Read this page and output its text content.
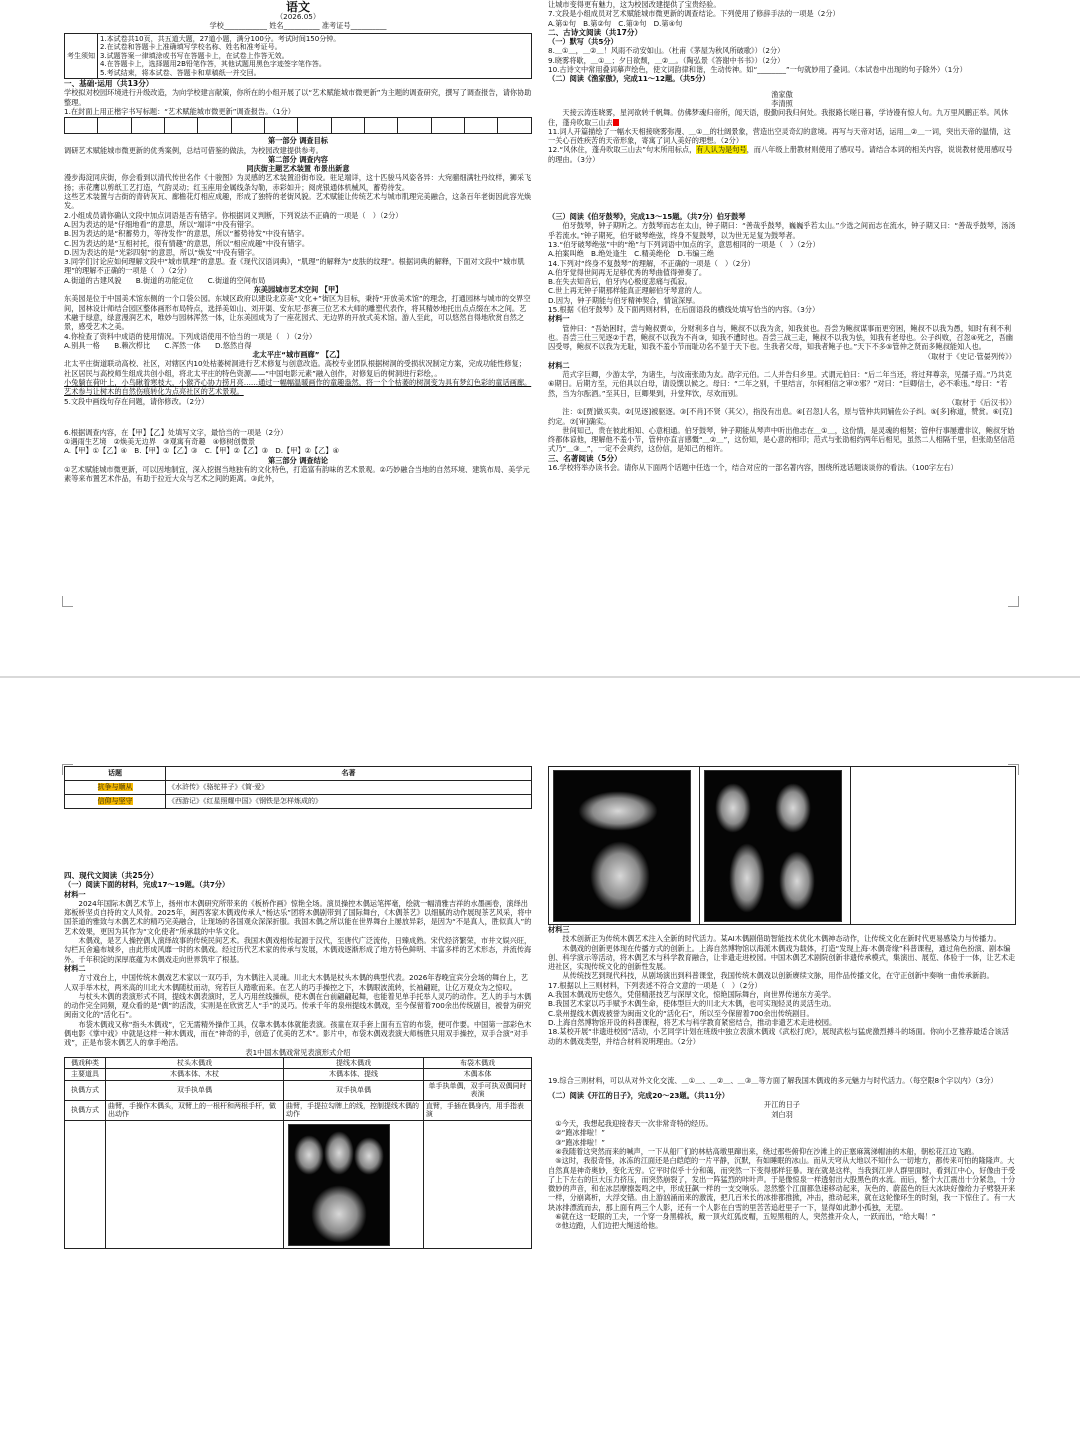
语文

（2026.05）

学校____________ 姓名__________ 准考证号__________

考生须知	

1.本试卷共10页，共五道大题，27道小题，满分100分。考试时间150分钟。

2.在试卷和答题卡上准确填写学校名称、姓名和准考证号。

3.试题答案一律填涂或书写在答题卡上，在试卷上作答无效。

4.在答题卡上，选择题用2B铅笔作答，其他试题用黑色字迹签字笔作答。

5.考试结束，将本试卷、答题卡和草稿纸一并交回。

一、基础·运用（共13分）

学校拟对校园环境进行升级改造，为向学校建言献策，你所在的小组开展了以“艺术赋能城市微更新”为主题的调查研究，撰写了调查报告，请你协助整理。

1.在封面上用正楷字书写标题：“艺术赋能城市微更新”调查报告。（1分）

第一部分 调查目标

调研艺术赋能城市微更新的优秀案例，总结可借鉴的做法，为校园改建提供参考。

第二部分 调查内容

同庆街主题艺术装置 布景出新意

漫步海淀同庆街，你会看到以清代传世名作《十骏图》为灵感的艺术装置沿街布设。驻足端详，这十匹骏马风姿各异：大宛骝细满牡丹纹样，狮采飞扬；赤花鹰以剪纸工艺打造，气韵灵动；红玉座用金属线条勾勒，赤彩如升；阅虎银通体机械风，蓄势待发。

这些艺术装置与古街的青砖灰瓦、廊檐花灯相应成趣，形成了独特的老街风貌。艺术赋能让传统艺术与城市肌理完美融合，这条百年老街因此容光焕发。

2.小组成员请你确认文段中加点词语是否有错字。你根据词义判断，下列说法不正确的一项是（　）（2分）

A.因为表达的是“仔细地看”的意思，所以“端详”中没有错字。

B.因为表达的是“积蓄势力，等待发作”的意思，所以“蓄势待发”中没有错字。

C.因为表达的是“互相衬托，很有情趣”的意思，所以“相应成趣”中没有错字。

D.因为表达的是“光彩四射”的意思，所以“焕发”中没有错字。

3.同学们讨论应如何理解文段中“城市肌理”的意思。查《现代汉语词典》，“肌理”的解释为“皮肤的纹理”。根据词典的解释，下面对文段中“城市肌理”的理解不正确的一项是（　）（2分）

A.街道的古建风貌　　B.街道的功能定位　　C.街道的空间布局

东美园城市艺术空间 【甲】

东美园是位于中国美术馆东侧的一个口袋公园。东城区政府以建设北京美“文化+”街区为目标，秉持“开放美术馆”的理念，打通园林与城市的交界空间，园林设计师结合园区整体画形布局特点，选择美如山、刘开渠、安东尼·彭赛三位艺术大师的雕塑代表作，将其精妙地托出点点缀在木之间。艺术融于绿意，绿意漫润艺术，唯妙与园林浑然一体，让东美园成为了一座花园式、无边界的开放式美术馆。游人至此，可以悠然自得地欣赏自然之景，感受艺术之美。

4.你检查了资料中成语的使用情况。下列成语使用不恰当的一项是（　）（2分）

A.别具一格　　B.赖次栉比　　C.浑然一体　　D.悠然自得

北太平庄“城市画廊” 【乙】

北太平庄街道联动高校、社区，对辖区内10处枯萎树洞进行艺术修复与创意改造。高校专业团队根据树洞的受损状况制定方案，完成功能性修复；社区居民与高校师生组成共创小组，将北太平庄的特色资源——“中国电影元素”融入创作，对修复后的树洞进行彩绘，。

小兔躺在荷叶上，小鸟瞅着寒枝大，小猴齐心协力捞月亮……通过一幅幅温暖画作的童趣盎然，将一个个枯萎的树洞变为具有梦幻色彩的童话画廊。艺术参与让树木的自然伤痕转化为点亮社区的艺术景观。

5.文段中画线句存在问题，请你修改。（2分）

6.根据调查内容，在【甲】【乙】处填写文字，最恰当的一项是（2分）

①遇雨生艺境　②焕美无边界　③观寓有奇趣　④修树创微景

A.【甲】①【乙】④　B.【甲】①【乙】③　C.【甲】②【乙】③　D.【甲】②【乙】④

第三部分 调查结论

①艺术赋能城市微更新，可以因地制宜，深入挖掘当地独有的文化特色，打造富有韵味的艺术景观。②巧妙融合当地的自然环境、建筑布局、美学元素等来布置艺术作品，有助于拉近大众与艺术之间的距离。③此外，

让城市变得更有魅力，这为校园改建提供了宝贵经验。

7.文段是小组成员对艺术赋能城市微更新的调查结论。下列使用了修辞手法的一项是（2分）

A.第①句　B.第②句　C.第③句　D.第④句

二、古诗文阅读（共17分）

（一）默写（共5分）

8.＿①＿，＿②＿！风雨不动安如山。（杜甫《茅屋为秋风所破歌》）（2分）

9.晓雾将歇，＿①＿；夕日欲颓，＿②＿。（陶弘景《答谢中书书》）（2分）

10.古诗文中常用叠词摹声绘色，使文词韵律和谐，生动传神。如“________”一句就妙用了叠词。（本试卷中出现的句子除外）（1分）

（二）阅读《渔家傲》，完成11～12题。（共5分）

渔家傲

李清照

天接云涛连晓雾，星河欲转千帆舞。仿佛梦魂归帝所，闻天语，殷勤问我归何处。我报路长嗟日暮，学诗谩有惊人句。九万里风鹏正举。风休住，蓬舟吹取三山去

11.词人开篇描绘了一幅水天相接晓雾弥漫、＿①＿的壮阔景象，营造出空灵奇幻的意境。再写与天帝对话，运用＿②＿一词，突出天帝的温情，这一关心百姓疾苦的天帝形象，寄寓了词人美好的理想。（2分）

12.“风休住，蓬舟吹取三山去”句末所用标点，有人认为是句号，而八年级上册教材则使用了感叹号。请结合本词的相关内容，说说教材使用感叹号的理由。（3分）

（三）阅读《伯牙鼓琴》，完成13～15题。（共7分）伯牙鼓琴

伯牙鼓琴，钟子期听之。方鼓琴而志在太山，钟子期曰：“善哉乎鼓琴，巍巍乎若太山。”少选之间而志在流水，钟子期又曰：“善哉乎鼓琴，汤汤乎若流水。”钟子期死，伯牙破琴绝弦，终身不复鼓琴，以为世无足复为鼓琴者。

13.“伯牙破琴绝弦”中的“绝”与下列词语中加点的字，意思相同的一项是（　）（2分）

A.拍案叫绝　B.绝处逢生　C.精美绝伦　D.韦编三绝

14.下列对“终身不复鼓琴”的理解，不正确的一项是（　）（2分）

A.伯牙觉得世间再无足够优秀的琴曲值得弹奏了。

B.在失去知音后，伯牙内心极度悲痛与孤寂。

C.世上再无钟子期那样能真正理解伯牙琴意的人。

D.因为，钟子期能与伯牙精神契合，情谊深厚。

15.根据《伯牙鼓琴》及下面两则材料，在后面语段的横线处填写恰当的内容。（3分）

材料一

管仲曰：“吾始困时，尝与鲍叔贾①，分财利多自与，鲍叔不以我为贪，知我贫也。吾尝为鲍叔谋事而更穷困，鲍叔不以我为愚，知时有利不利也。吾尝三仕三见逐②于君，鲍叔不以我为不肖③，知我不遭时也。吾尝三战三走，鲍叔不以我为怯，知我有老母也。公子纠败，召忽④死之，吾幽囚受辱，鲍叔不以我为无耻，知我不羞小节而耻功名不显于天下也。生我者父母，知我者鲍子也。”天下不多⑤管仲之贤而多鲍叔能知人也。

（取材于《史记·管晏列传》）

材料二

范式字巨卿，少游太学，为诸生，与汝南张劭为友。劭字元伯。二人并告归乡里。式谓元伯曰：“后二年当还，将过拜尊亲，见孺子焉。”乃共克⑥期日。后期方至，元伯具以白母，请设馔以候之。母曰：“二年之别，千里结言，尔何相信之审⑦邪？”对曰：“巨卿信士，必不乖违。”母曰：“若然，当为尔酝酒。”至其日，巨卿果到，升堂拜饮，尽欢而别。

（取材于《后汉书》）

注：①[贾]做买卖。②[见逐]被驱逐。③[不肖]不贤（其父），指没有出息。④[召忽]人名，原与管仲共同辅佐公子纠。⑤[多]称道，赞赏。⑥[克]约定。⑦[审]确实。

世间知己，贵在彼此相知、心意相通。伯牙鼓琴，钟子期能从琴声中听出他志在＿①＿，这份情，是灵魂的相契；管仲行事屡遭非议，鲍叔牙始终都体谅他，理解他不羞小节，管仲亦直言感慨“＿②＿”，这份知，是心意的相印；范式与张劭相约两年后相见，虽然二人相隔千里，但张劭坚信范式乃“＿③＿”，一定不会爽约，这份信，是知己的相许。

三、名著阅读（5分）

16.学校将举办读书会。请你从下面两个话题中任选一个，结合对应的一部名著内容，围绕所选话题谈谈你的看法。（100字左右）

话题	名著
抗争与顺从	《水浒传》《骆驼祥子》《简·爱》
信仰与坚守	《西游记》《红星照耀中国》《钢铁是怎样炼成的》

四、现代文阅读（共25分）

（一）阅读下面的材料，完成17～19题。（共7分）

材料一

2024年国际木偶艺术节上，扬州市木偶研究所带来的《板桥作画》惊艳全场。演员操控木偶运笔挥毫，绘就一幅清雅吉祥的水墨画卷，演绎出郑板桥坚贞自持的文人风骨。2025年，闽西客家木偶戏传承人“杨达乐”团将木偶剧带到了国际舞台，《木偶茶艺》以细腻的动作展现茶艺风采，将中国茶道的雅致与木偶艺术的精巧完美融合，让现场的各国观众深深折服。我国木偶之所以能在世界舞台上屡放异彩，是因为“不是真人，胜似真人”的艺术效果，更因为其作为“文化使者”所承载的中华文化。

木偶戏，是艺人操控偶人演绎故事的传统民间艺术。我国木偶戏相传起源于汉代，至唐代广泛流传，日臻成熟。宋代经济繁荣，市井文娱兴旺，勾栏瓦舍遍布城乡，由此形成风靡一时的木偶戏。经过历代艺术家的传承与发展，木偶戏逐渐形成了地方特色鲜明、丰富多样的艺术形态，并流传海外。千年积淀的深厚底蕴为木偶戏走向世界筑牢了根基。

材料二

方寸戏台上，中国传统木偶戏艺术家以一双巧手，为木偶注入灵魂。川北大木偶是杖头木偶的典型代表。2026年春晚宜宾分会场的舞台上，艺人双手举木杖，两米高的川北大木偶随杖而动，宛若巨人踏歌而来。在艺人的巧手操控之下，木偶眼波流转，长袖翩跹，让亿万观众为之惊叹。

与杖头木偶的表演形式不同，提线木偶表演时，艺人巧用丝线操纵，使木偶在台前翩翩起舞，也能着见单手托举人灵巧的动作。艺人的手与木偶的动作完全同频，观众看的是“偶”的活泼，实则是在欣赏艺人“手”的灵巧。传承千年的泉州提线木偶戏，至今保留着700余出传统剧目，被誉为研究闽南文化的“活化石”。

布袋木偶戏又称“指头木偶戏”，它无需精外操作工具，仅靠木偶本体就能表演。孩童在双手套上面有五官的布袋，便可作要。中国第一部彩色木偶电影《掌中戏》中就是这样一种木偶戏，而在“神奇的手，创造了优美的艺术”。影片中，布袋木偶戏表演大师杨胜只用双手操控，双手合演“对手戏”，正是布袋木偶艺人的拿手绝活。

表1中国木偶戏常见表演形式介绍

偶戏种类	杖头木偶戏	提线木偶戏	布袋木偶戏
主要道具	木偶本体、木杖	木偶本体、提线	木偶本体
执偶方式	双手执单偶	双手执单偶	单手执单偶，双手可执双偶同时表演
执偶方式	曲臂，手操作木偶头，双臂上的一根杆和两根手杆，做出动作	曲臂，手提拉勾牌上的线，控制提线木偶的动作	直臂，手插在偶身内，用手指表演

材料三

技术创新正为传统木偶艺术注入全新的时代活力。某AI木偶剧借助智能技术优化木偶神态动作，让传统文化在新时代更易感染力与传播力。

木偶戏的创新更体现在传播方式的创新上。上海自然博物馆以海派木偶戏为载体，打造“发现上海·木偶奇缘”科普课程，通过角色扮演、剧本编创、科学演示等活动，将木偶艺术与科学教育融合，让非遗走进校园。中国木偶艺术剧院创新非遗传承模式，集演出、展览、体验于一体，让艺术走进社区，实现传统文化的创新性发展。

从传统技艺到现代科技，从剧场演出到科普课堂，我国传统木偶戏以创新赓续文脉，用作品传播文化，在守正创新中奏响一曲传承新韵。

17.根据以上三则材料，下列表述不符合文意的一项是（　）（2分）

A.我国木偶戏历史悠久，凭借精湛技艺与深厚文化，惊艳国际舞台，向世界传递东方美学。

B.我国艺术家以巧手赋予木偶生命，使体型巨大的川北大木偶，也可实现轻灵的灵活生动。

C.泉州提线木偶戏被誉为闽南文化的“活化石”，所以至今保留着700余出传统剧目。

D.上海自然博物馆开设的科普课程，将艺术与科学教育紧密结合，推动非遗艺术走进校园。

18.某校开展“非遗进校园”活动，小艺同学计划在班级中独立表演木偶戏《武松打虎》，展现武松与猛虎激烈搏斗的场面。你向小艺推荐最适合该活动的木偶戏类型，并结合材料说明理由。（2分）

19.综合三则材料，可以从对外文化交流、＿①＿、＿②＿、＿③＿等方面了解我国木偶戏的多元魅力与时代活力。（每空限8个字以内）（3分）

（二）阅读《开江的日子》，完成20～23题。（共11分）

开江的日子

刘白羽

①今天，我想起我迎接春天一次非常奇特的经历。

②“跑冰排啦！”

③“跑冰排啦！”

④我随着这突然而来的喊声，一下从船厂们的林枯高墩里蹿出来，绕过那些俯仰在沙滩上的正塞麻篙涕帽油的木船，朝松花江边飞跑。

⑤这时，我很奇怪，冰冻的江面还是白皑皑的一片平静，沉默，有如睡眠的冰山。而从天穹从大地以不知什么一切地方，都传来可怕的隆隆声。大自然真是神奇奥妙，变化无穷。它平时似乎十分和蔼，而突然一下变得那样狂暴。现在就是这样，当我到江岸人群里面时，看到江中心，好像由于受了上下左右的巨大压力挤压，而突然崩裂了，发出一阵猛烈的咔叶声。于是像惊泉一样透射出大股黑色的水流。而后，整个大江震出十分紧急，十分微妙的声音，和在冰层摩擦轰鸣之中，形成狂飙一样的一支交响乐。忽然整个江面都急速移动起来，灰色的、蔚蓝色的巨大冰块好像给力子劈裂开来一样，分崩离析，大浮交错。由上游汹涌而来的激流，把几百米长的冰排都推掀，冲击，推动起来，就在这轮像环生的时刻，我一下惊住了。有一大块冰排漂流而去，那上面有两三个人影，还有一个人影在白雪的里苦苦追赶里子一下，显得如此渺小孤独，无望。

⑥就在这一眨眼的工夫，一个穿一身黑棉袄，戴一顶火红狐皮帽，五短黑粗的人，突然推开众人，一跃而出，“给大喝！”

⑦他边跑，人们边把大绳送给他。
